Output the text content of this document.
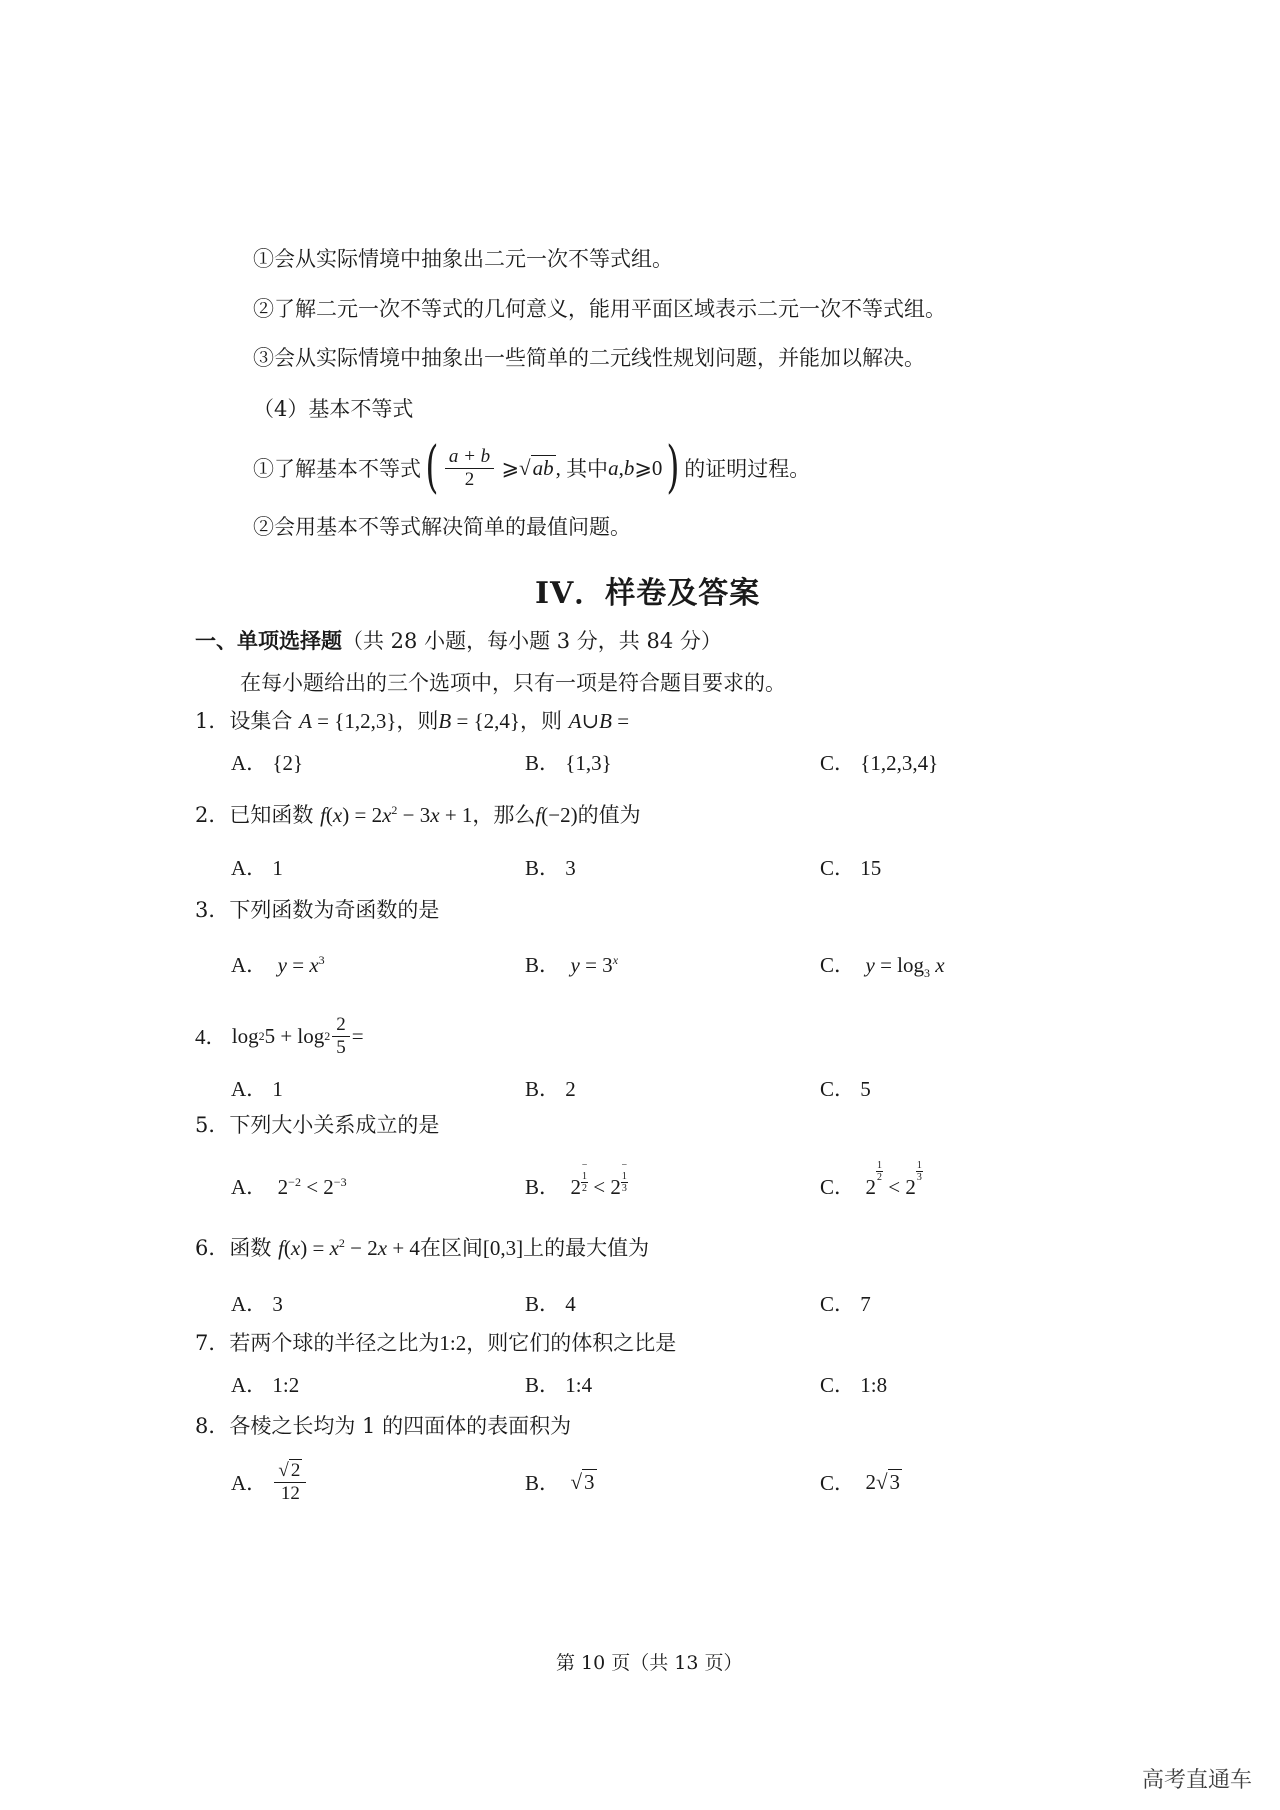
①会从实际情境中抽象出二元一次不等式组。
②了解二元一次不等式的几何意义，能用平面区域表示二元一次不等式组。
③会从实际情境中抽象出一些简单的二元线性规划问题，并能加以解决。
（4）基本不等式
①了解基本不等式 ( $\frac{a + b}{2}$ ⩾√ab, 其中 a,b⩾0 ) 的证明过程。
②会用基本不等式解决简单的最值问题。
IV．样卷及答案
一、单项选择题（共 28 小题，每小题 3 分，共 84 分）
在每小题给出的三个选项中，只有一项是符合题目要求的。
1．设集合 A = {1,2,3}，则B = {2,4}，则 A∪B =
A． {2}	B． {1,3}	C． {1,2,3,4}
2．已知函数 $f(x) = 2x^2 - 3x + 1$，那么f(−2)的值为
A． 1	B． 3	C． 15
3．下列函数为奇函数的是
A． $y = x^3$	B． $y = 3^x$	C． $y = \log_3 x$
4． log 2 $5 + \log 2 \frac{2}{5}$ =
A． 1	B． 2	C． 5
5．下列大小关系成立的是
A．  $2^{-2} < 2^{-3}$	B．  2−
1
2 < 2−
1
3	C．  2
$\frac{1}{2}$
< 2
$\frac{1}{3}$
6．函数 $f(x) = x^2 - 2x + 4$在区间[0,3]上的最大值为
A． 3	B． 4	C． 7
7．若两个球的半径之比为1:2，则它们的体积之比是
A． 1:2	B． 1:4	C． 1:8
8．各棱之长均为 1 的四面体的表面积为
A．
$\frac{√ 2}{12}$	B． √ 3	C． 2√ 3
第 10 页（共 13 页）
高考直通车
